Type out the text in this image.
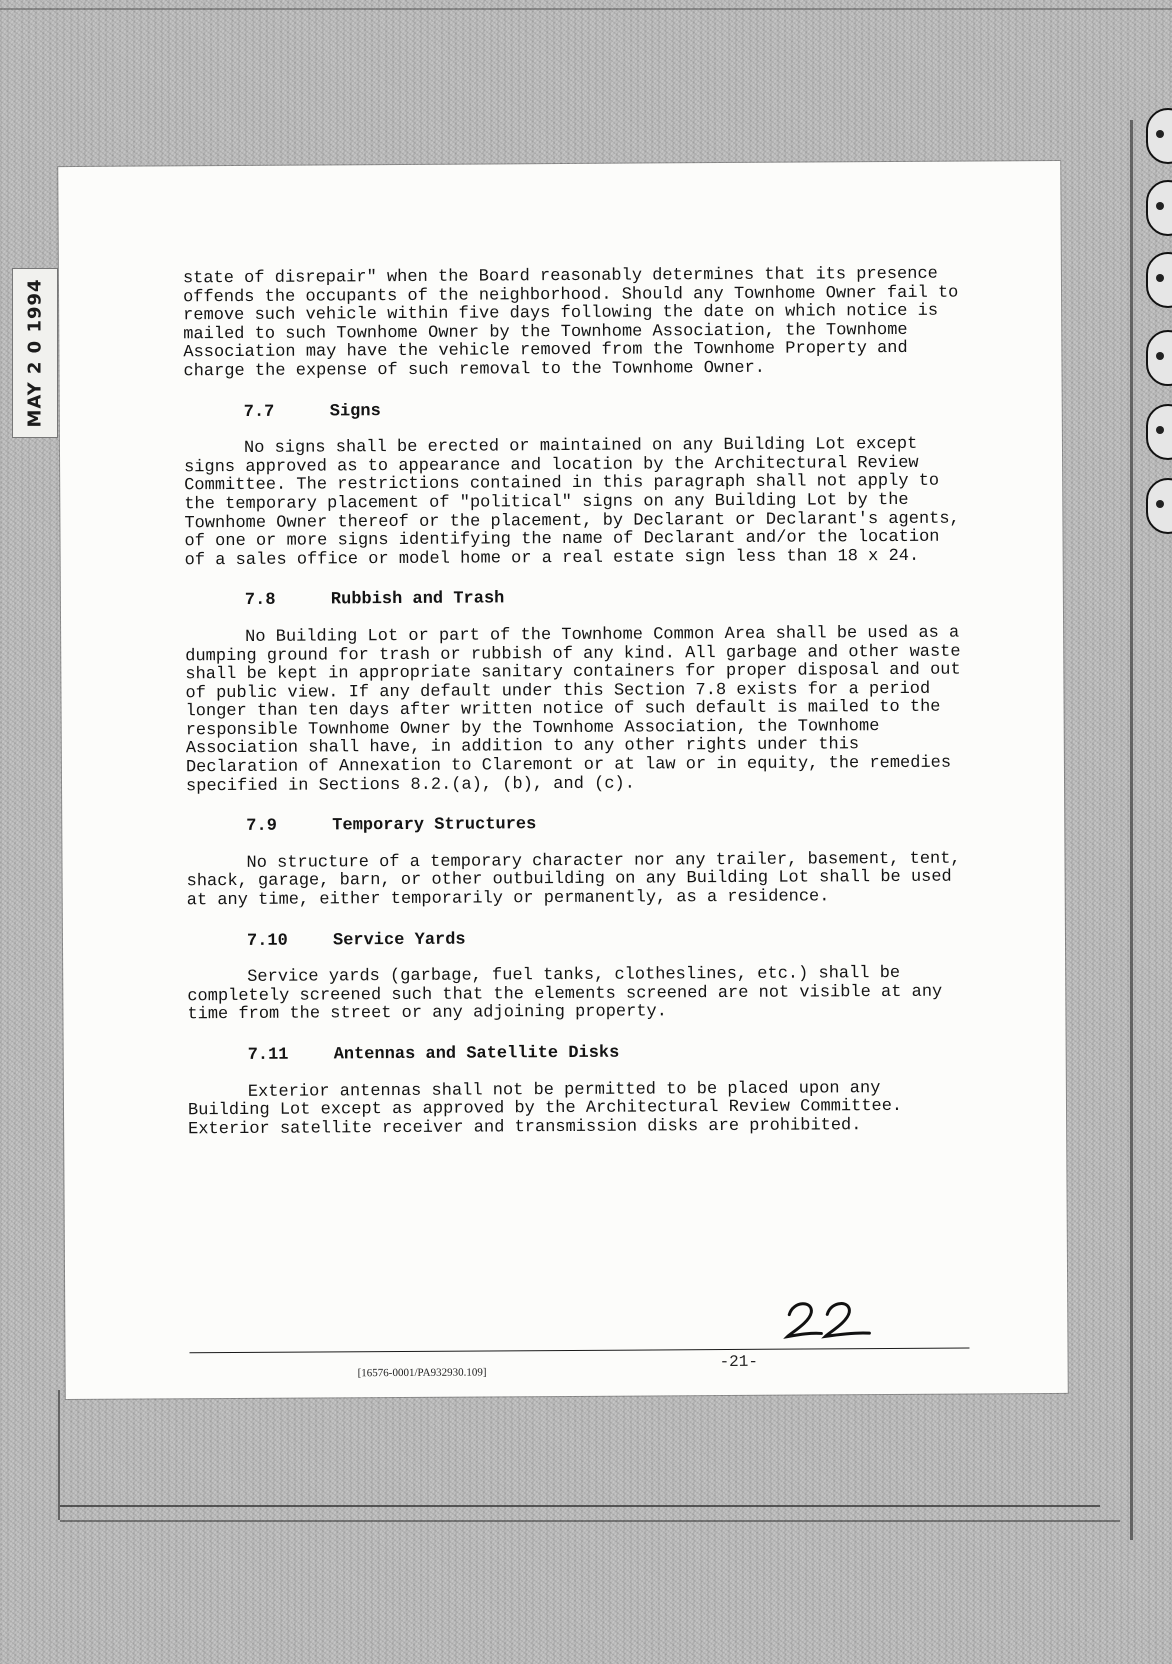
MAY 2 0 1994

state of disrepair" when the Board reasonably determines that its presence offends the occupants of the neighborhood. Should any Townhome Owner fail to remove such vehicle within five days following the date on which notice is mailed to such Townhome Owner by the Townhome Association, the Townhome Association may have the vehicle removed from the Townhome Property and charge the expense of such removal to the Townhome Owner.

7.7	Signs

No signs shall be erected or maintained on any Building Lot except signs approved as to appearance and location by the Architectural Review Committee. The restrictions contained in this paragraph shall not apply to the temporary placement of "political" signs on any Building Lot by the Townhome Owner thereof or the placement, by Declarant or Declarant's agents, of one or more signs identifying the name of Declarant and/or the location of a sales office or model home or a real estate sign less than 18 x 24.

7.8	Rubbish and Trash

No Building Lot or part of the Townhome Common Area shall be used as a dumping ground for trash or rubbish of any kind. All garbage and other waste shall be kept in appropriate sanitary containers for proper disposal and out of public view. If any default under this Section 7.8 exists for a period longer than ten days after written notice of such default is mailed to the responsible Townhome Owner by the Townhome Association, the Townhome Association shall have, in addition to any other rights under this Declaration of Annexation to Claremont or at law or in equity, the remedies specified in Sections 8.2.(a), (b), and (c).

7.9	Temporary Structures

No structure of a temporary character nor any trailer, basement, tent, shack, garage, barn, or other outbuilding on any Building Lot shall be used at any time, either temporarily or permanently, as a residence.

7.10	Service Yards

Service yards (garbage, fuel tanks, clotheslines, etc.) shall be completely screened such that the elements screened are not visible at any time from the street or any adjoining property.

7.11	Antennas and Satellite Disks

Exterior antennas shall not be permitted to be placed upon any Building Lot except as approved by the Architectural Review Committee. Exterior satellite receiver and transmission disks are prohibited.

[16576-0001/PA932930.109]
-21-
